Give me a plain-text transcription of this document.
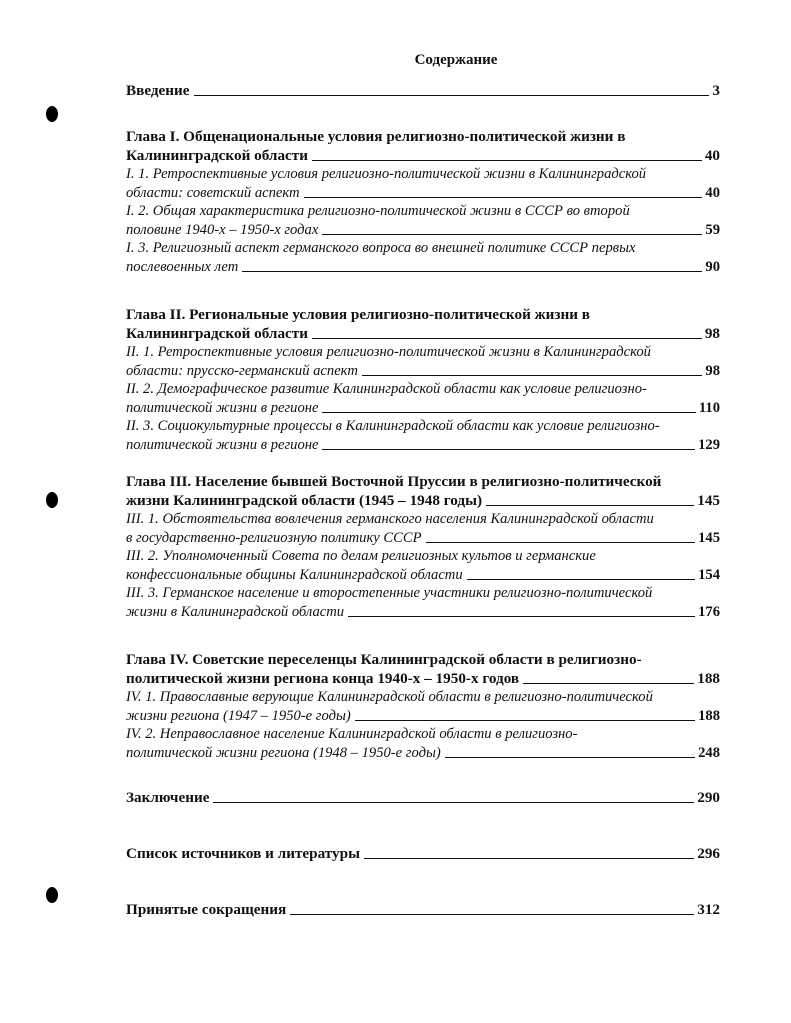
Содержание
Введение	3
Глава I. Общенациональные условия религиозно-политической жизни в
Калининградской области	40
I. 1. Ретроспективные условия религиозно-политической жизни в Калининградской
области: советский аспект	40
I. 2. Общая характеристика религиозно-политической жизни в СССР во второй
половине 1940-х – 1950-х годах	59
I. 3. Религиозный аспект германского вопроса во внешней политике СССР первых
послевоенных лет	90
Глава II. Региональные условия религиозно-политической жизни в
Калининградской области	98
II. 1. Ретроспективные условия религиозно-политической жизни в Калининградской
области: прусско-германский аспект	98
II. 2. Демографическое развитие Калининградской области как условие религиозно-
политической жизни в регионе	110
II. 3. Социокультурные процессы в Калининградской области как условие религиозно-
политической жизни в регионе	129
Глава III. Население бывшей Восточной Пруссии в религиозно-политической
жизни Калининградской области (1945 – 1948 годы)	145
III. 1. Обстоятельства вовлечения германского населения Калининградской области
в государственно-религиозную политику СССР	145
III. 2. Уполномоченный Совета по делам религиозных культов и германские
конфессиональные общины Калининградской области	154
III. 3. Германское население и второстепенные участники религиозно-политической
жизни в Калининградской области	176
Глава IV. Советские переселенцы Калининградской области в религиозно-
политической жизни региона конца 1940-х – 1950-х годов	188
IV. 1. Православные верующие Калининградской области в религиозно-политической
жизни региона (1947 – 1950-е годы)	188
IV. 2. Неправославное население Калининградской области в религиозно-
политической жизни региона (1948 – 1950-е годы)	248
Заключение	290
Список источников и литературы	296
Принятые сокращения	312
